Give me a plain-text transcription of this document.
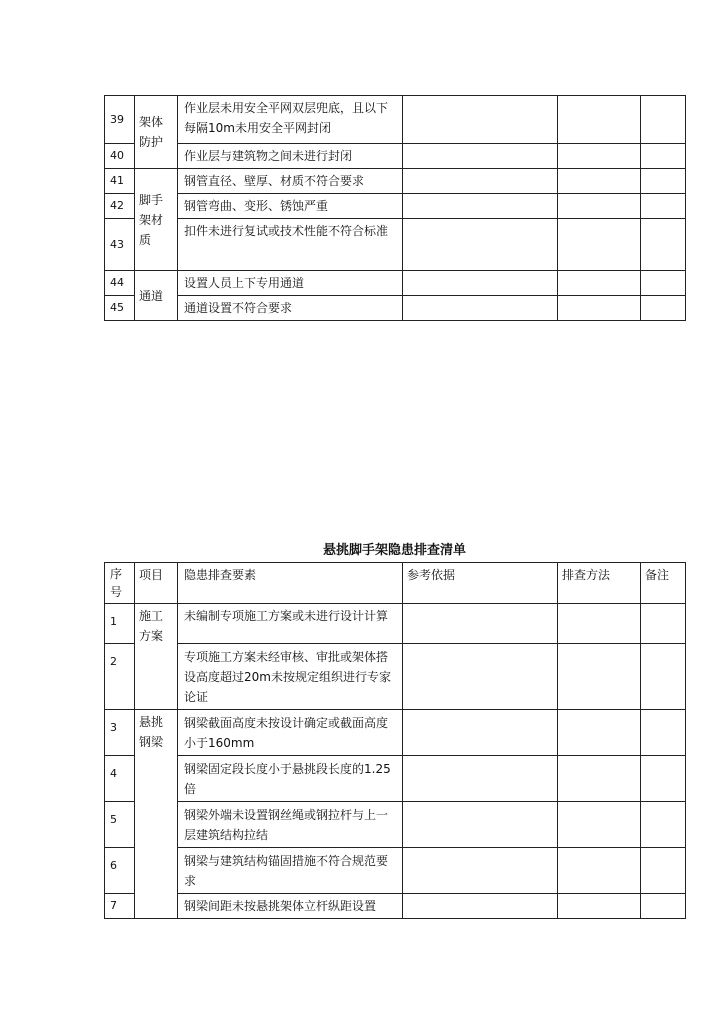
39	架体防护	作业层未用安全平网双层兜底，且以下每隔10m未用安全平网封闭			
40		作业层与建筑物之间未进行封闭			
41	脚手架材质	钢管直径、壁厚、材质不符合要求			
42		钢管弯曲、变形、锈蚀严重			
43		扣件未进行复试或技术性能不符合标准			
44	通道	设置人员上下专用通道			
45		通道设置不符合要求			
悬挑脚手架隐患排查清单
序号	项目	隐患排查要素	参考依据	排查方法	备注
1	施工方案	未编制专项施工方案或未进行设计计算			
2		专项施工方案未经审核、审批或架体搭设高度超过20m未按规定组织进行专家论证			
3	悬挑钢梁	钢梁截面高度未按设计确定或截面高度小于160mm			
4		钢梁固定段长度小于悬挑段长度的1.25倍			
5		钢梁外端未设置钢丝绳或钢拉杆与上一层建筑结构拉结			
6		钢梁与建筑结构锚固措施不符合规范要求			
7		钢梁间距未按悬挑架体立杆纵距设置			
